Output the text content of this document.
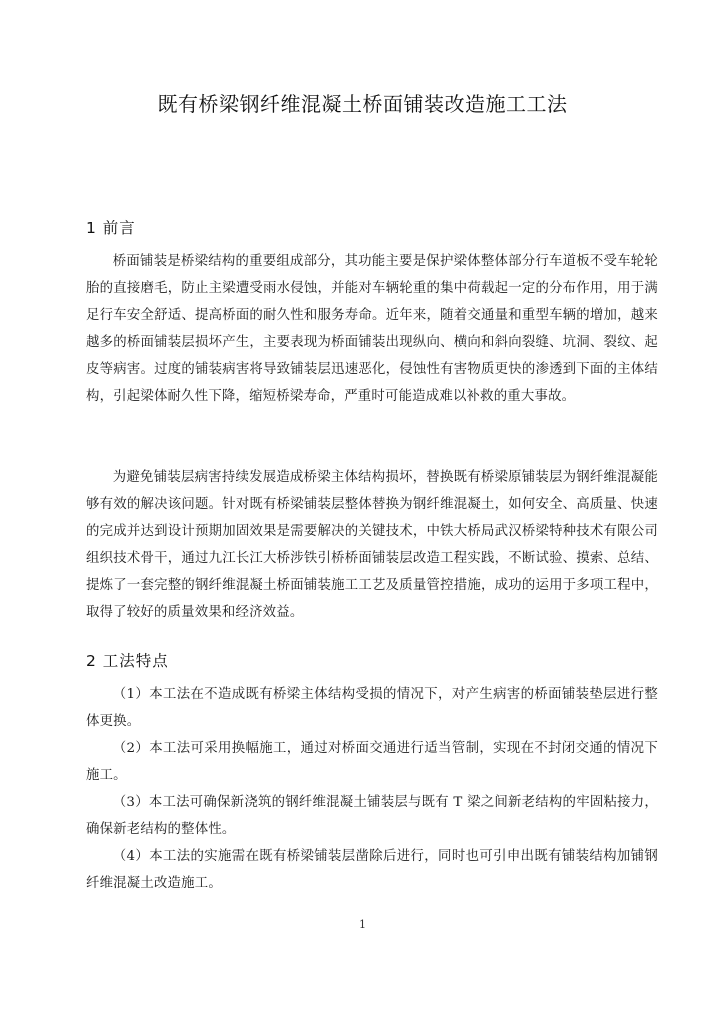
既有桥梁钢纤维混凝土桥面铺装改造施工工法
1 前言

桥面铺装是桥梁结构的重要组成部分，其功能主要是保护梁体整体部分行车道板不受车轮轮胎的直接磨毛，防止主梁遭受雨水侵蚀，并能对车辆轮重的集中荷载起一定的分布作用，用于满足行车安全舒适、提高桥面的耐久性和服务寿命。近年来，随着交通量和重型车辆的增加，越来越多的桥面铺装层损坏产生，主要表现为桥面铺装出现纵向、横向和斜向裂缝、坑洞、裂纹、起皮等病害。过度的铺装病害将导致铺装层迅速恶化，侵蚀性有害物质更快的渗透到下面的主体结构，引起梁体耐久性下降，缩短桥梁寿命，严重时可能造成难以补救的重大事故。

为避免铺装层病害持续发展造成桥梁主体结构损坏，替换既有桥梁原铺装层为钢纤维混凝能够有效的解决该问题。针对既有桥梁铺装层整体替换为钢纤维混凝土，如何安全、高质量、快速的完成并达到设计预期加固效果是需要解决的关键技术，中铁大桥局武汉桥梁特种技术有限公司组织技术骨干，通过九江长江大桥涉铁引桥桥面铺装层改造工程实践，不断试验、摸索、总结、提炼了一套完整的钢纤维混凝土桥面铺装施工工艺及质量管控措施，成功的运用于多项工程中，取得了较好的质量效果和经济效益。

2 工法特点

（1）本工法在不造成既有桥梁主体结构受损的情况下，对产生病害的桥面铺装垫层进行整体更换。

（2）本工法可采用换幅施工，通过对桥面交通进行适当管制，实现在不封闭交通的情况下施工。

（3）本工法可确保新浇筑的钢纤维混凝土铺装层与既有 T 梁之间新老结构的牢固粘接力，确保新老结构的整体性。

（4）本工法的实施需在既有桥梁铺装层凿除后进行，同时也可引申出既有铺装结构加铺钢纤维混凝土改造施工。

1
